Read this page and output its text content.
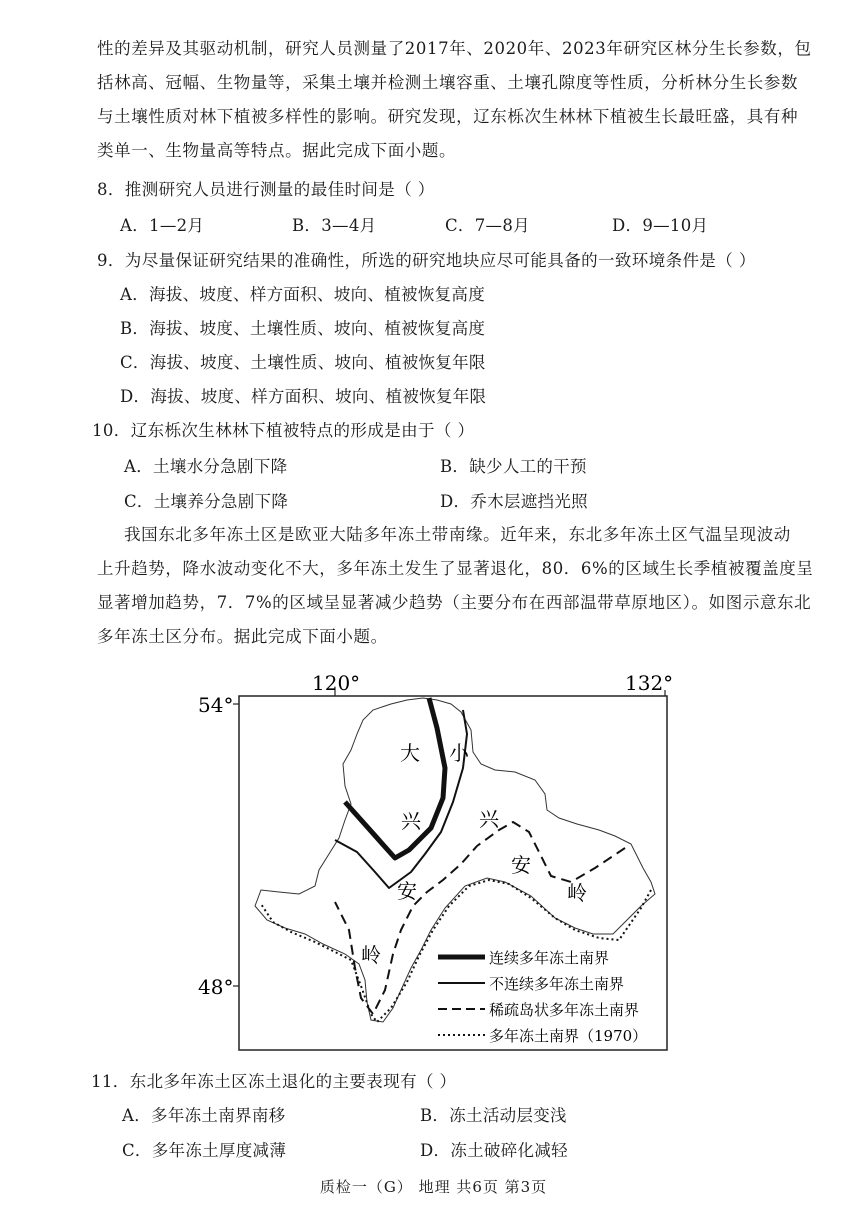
性的差异及其驱动机制，研究人员测量了2017年、2020年、2023年研究区林分生长参数，包
括林高、冠幅、生物量等，采集土壤并检测土壤容重、土壤孔隙度等性质，分析林分生长参数
与土壤性质对林下植被多样性的影响。研究发现，辽东栎次生林林下植被生长最旺盛，具有种
类单一、生物量高等特点。据此完成下面小题。
8．推测研究人员进行测量的最佳时间是（ ）
A．1—2月	B．3—4月	C．7—8月	D．9—10月
9．为尽量保证研究结果的准确性，所选的研究地块应尽可能具备的一致环境条件是（ ）
A．海拔、坡度、样方面积、坡向、植被恢复高度
B．海拔、坡度、土壤性质、坡向、植被恢复高度
C．海拔、坡度、土壤性质、坡向、植被恢复年限
D．海拔、坡度、样方面积、坡向、植被恢复年限
10．辽东栎次生林林下植被特点的形成是由于（ ）
A．土壤水分急剧下降	B．缺少人工的干预
C．土壤养分急剧下降	D．乔木层遮挡光照
我国东北多年冻土区是欧亚大陆多年冻土带南缘。近年来，东北多年冻土区气温呈现波动
上升趋势，降水波动变化不大，多年冻土发生了显著退化，80．6%的区域生长季植被覆盖度呈
显著增加趋势，7．7%的区域呈显著减少趋势（主要分布在西部温带草原地区）。如图示意东北
多年冻土区分布。据此完成下面小题。
120°	132°
54°
48°
大
兴
安
岭
小
兴
安
岭
连续多年冻土南界
不连续多年冻土南界
稀疏岛状多年冻土南界
多年冻土南界（1970）
11．东北多年冻土区冻土退化的主要表现有（ ）
A．多年冻土南界南移	B．冻土活动层变浅
C．多年冻土厚度减薄	D．冻土破碎化减轻
质检一（G） 地理 共6页 第3页
